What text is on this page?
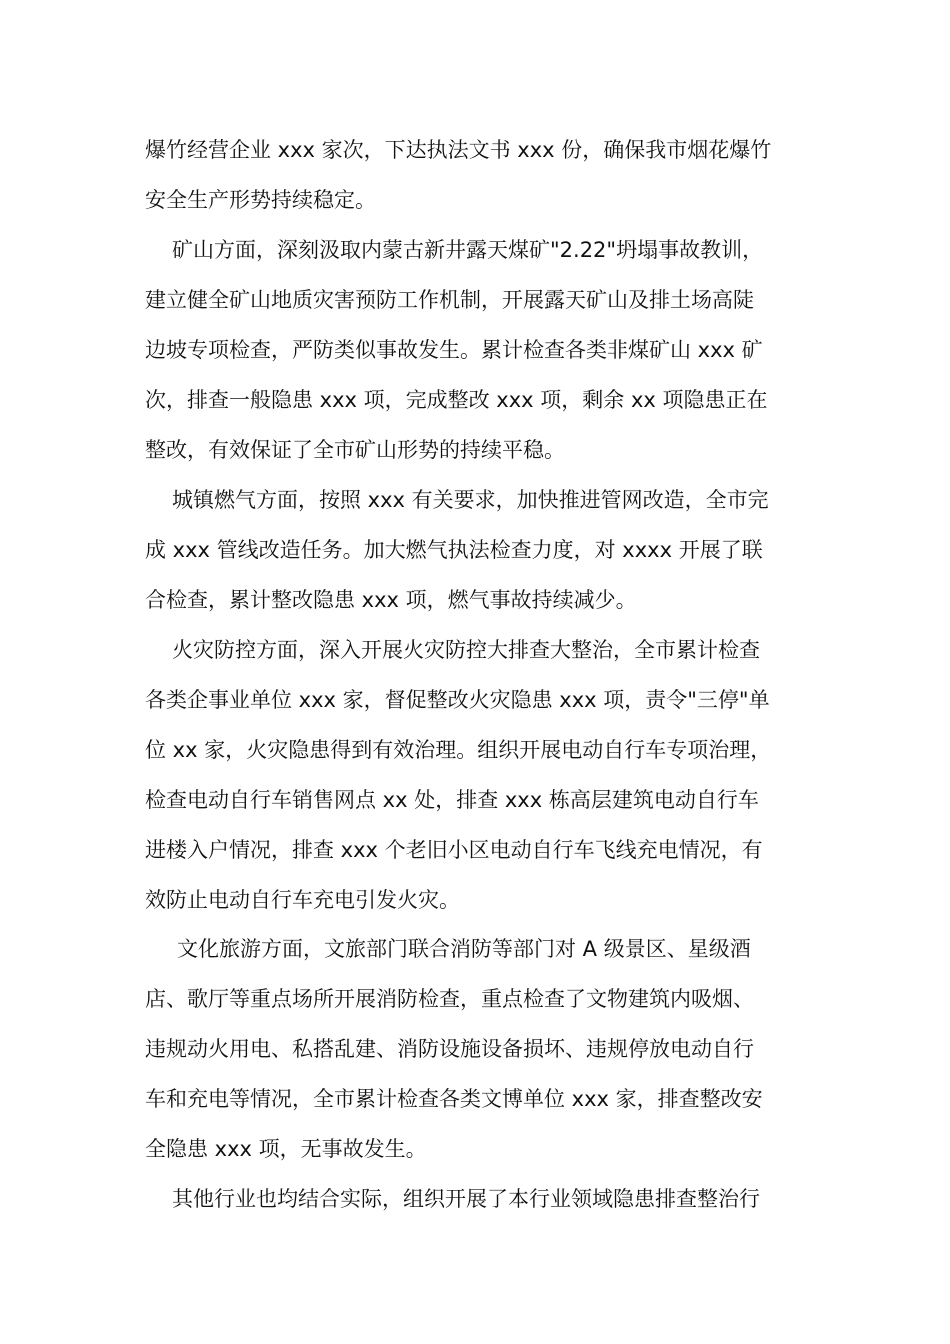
爆竹经营企业 xxx 家次，下达执法文书 xxx 份，确保我市烟花爆竹

安全生产形势持续稳定。

矿山方面，深刻汲取内蒙古新井露天煤矿"2.22"坍塌事故教训，

建立健全矿山地质灾害预防工作机制，开展露天矿山及排土场高陡

边坡专项检查，严防类似事故发生。累计检查各类非煤矿山 xxx 矿

次，排查一般隐患 xxx 项，完成整改 xxx 项，剩余 xx 项隐患正在

整改，有效保证了全市矿山形势的持续平稳。

城镇燃气方面，按照 xxx 有关要求，加快推进管网改造，全市完

成 xxx 管线改造任务。加大燃气执法检查力度，对 xxxx 开展了联

合检查，累计整改隐患 xxx 项，燃气事故持续减少。

火灾防控方面，深入开展火灾防控大排查大整治，全市累计检查

各类企事业单位 xxx 家，督促整改火灾隐患 xxx 项，责令"三停"单

位 xx 家，火灾隐患得到有效治理。组织开展电动自行车专项治理，

检查电动自行车销售网点 xx 处，排查 xxx 栋高层建筑电动自行车

进楼入户情况，排查 xxx 个老旧小区电动自行车飞线充电情况，有

效防止电动自行车充电引发火灾。

文化旅游方面，文旅部门联合消防等部门对 A 级景区、星级酒

店、歌厅等重点场所开展消防检查，重点检查了文物建筑内吸烟、

违规动火用电、私搭乱建、消防设施设备损坏、违规停放电动自行

车和充电等情况，全市累计检查各类文博单位 xxx 家，排查整改安

全隐患 xxx 项，无事故发生。

其他行业也均结合实际，组织开展了本行业领域隐患排查整治行
